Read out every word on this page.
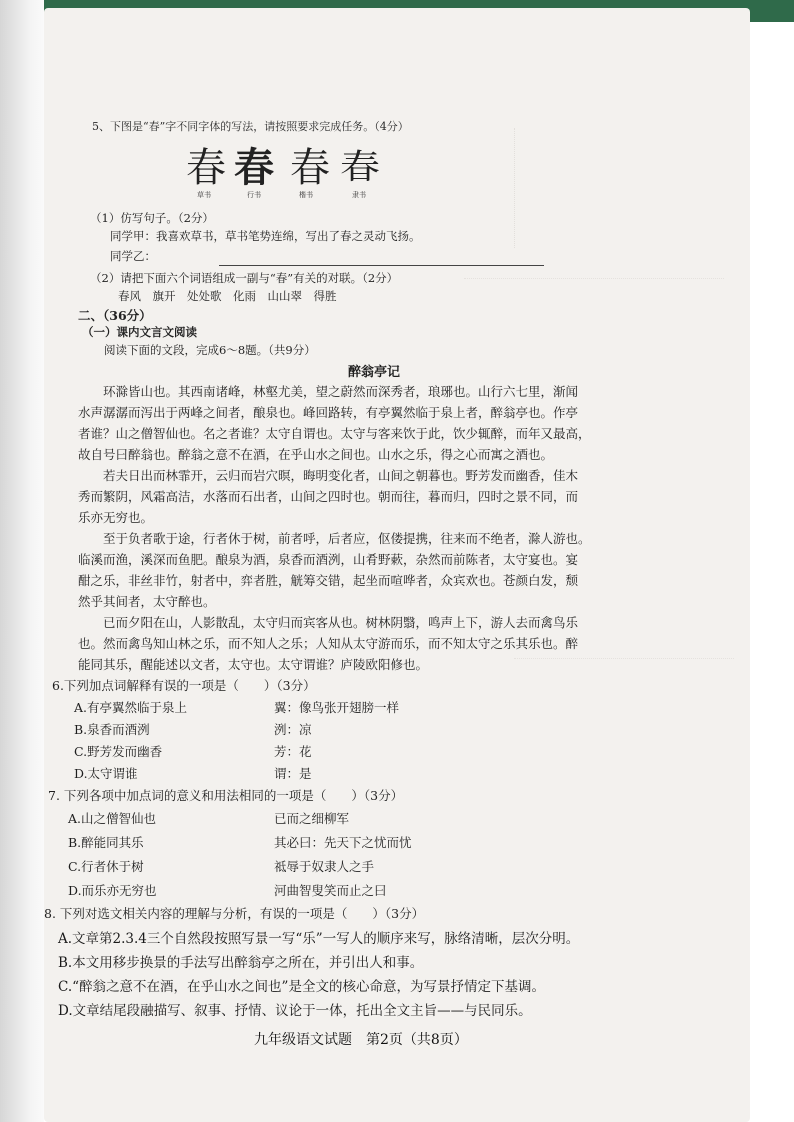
5、下图是“春”字不同字体的写法，请按照要求完成任务。（4分）
春 春 春 春
草书	行书	楷书	隶书
（1）仿写句子。（2分）
同学甲：我喜欢草书，草书笔势连绵，写出了春之灵动飞扬。
同学乙：
（2）请把下面六个词语组成一副与“春”有关的对联。（2分）
春风　旗开　处处歌　化雨　山山翠　得胜
二、（36分）
（一）课内文言文阅读
阅读下面的文段，完成6～8题。（共9分）
醉翁亭记
　　环滁皆山也。其西南诸峰，林壑尤美，望之蔚然而深秀者，琅琊也。山行六七里，渐闻
水声潺潺而泻出于两峰之间者，酿泉也。峰回路转，有亭翼然临于泉上者，醉翁亭也。作亭
者谁？山之僧智仙也。名之者谁？太守自谓也。太守与客来饮于此，饮少辄醉，而年又最高，
故自号曰醉翁也。醉翁之意不在酒，在乎山水之间也。山水之乐，得之心而寓之酒也。
　　若夫日出而林霏开，云归而岩穴暝，晦明变化者，山间之朝暮也。野芳发而幽香，佳木
秀而繁阴，风霜高洁，水落而石出者，山间之四时也。朝而往，暮而归，四时之景不同，而
乐亦无穷也。
　　至于负者歌于途，行者休于树，前者呼，后者应，伛偻提携，往来而不绝者，滁人游也。
临溪而渔，溪深而鱼肥。酿泉为酒，泉香而酒洌，山肴野蔌，杂然而前陈者，太守宴也。宴
酣之乐，非丝非竹，射者中，弈者胜，觥筹交错，起坐而喧哗者，众宾欢也。苍颜白发，颓
然乎其间者，太守醉也。
　　已而夕阳在山，人影散乱，太守归而宾客从也。树林阴翳，鸣声上下，游人去而禽鸟乐
也。然而禽鸟知山林之乐，而不知人之乐；人知从太守游而乐，而不知太守之乐其乐也。醉
能同其乐，醒能述以文者，太守也。太守谓谁？庐陵欧阳修也。
6.下列加点词解释有误的一项是（　　）（3分）
A.有亭翼然临于泉上	翼：像鸟张开翅膀一样
B.泉香而酒洌	洌：凉
C.野芳发而幽香	芳：花
D.太守谓谁	谓：是
7. 下列各项中加点词的意义和用法相同的一项是（　　）（3分）
A.山之僧智仙也	已而之细柳军
B.醉能同其乐	其必曰：先天下之忧而忧
C.行者休于树	祗辱于奴隶人之手
D.而乐亦无穷也	河曲智叟笑而止之曰
8. 下列对选文相关内容的理解与分析，有误的一项是（　　）（3分）
A.文章第2.3.4三个自然段按照写景一写“乐”一写人的顺序来写，脉络清晰，层次分明。
B.本文用移步换景的手法写出醉翁亭之所在，并引出人和事。
C.“醉翁之意不在酒，在乎山水之间也”是全文的核心命意，为写景抒情定下基调。
D.文章结尾段融描写、叙事、抒情、议论于一体，托出全文主旨——与民同乐。
九年级语文试题　第2页（共8页）
